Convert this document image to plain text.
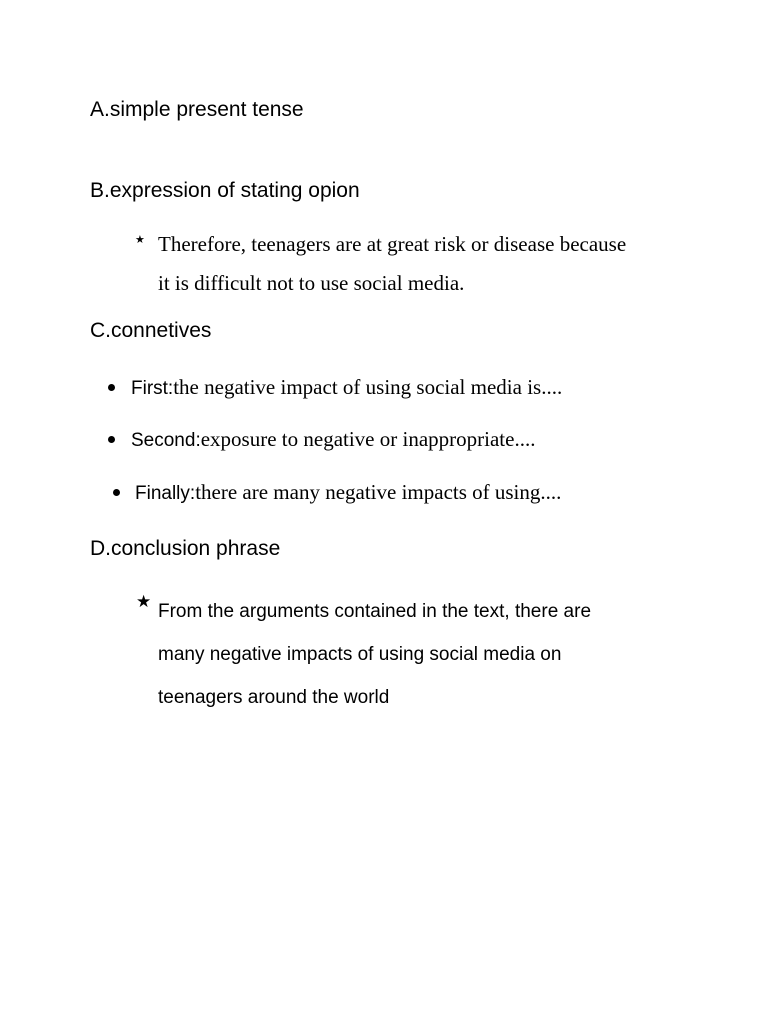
A.simple present tense
B.expression of stating opion
★ Therefore, teenagers are at great risk or disease because
it is difficult not to use social media.
C.connetives
First:the negative impact of using social media is....
Second:exposure to negative or inappropriate....
Finally:there are many negative impacts of using....
D.conclusion phrase
★ From the arguments contained in the text, there are
many negative impacts of using social media on
teenagers around the world
